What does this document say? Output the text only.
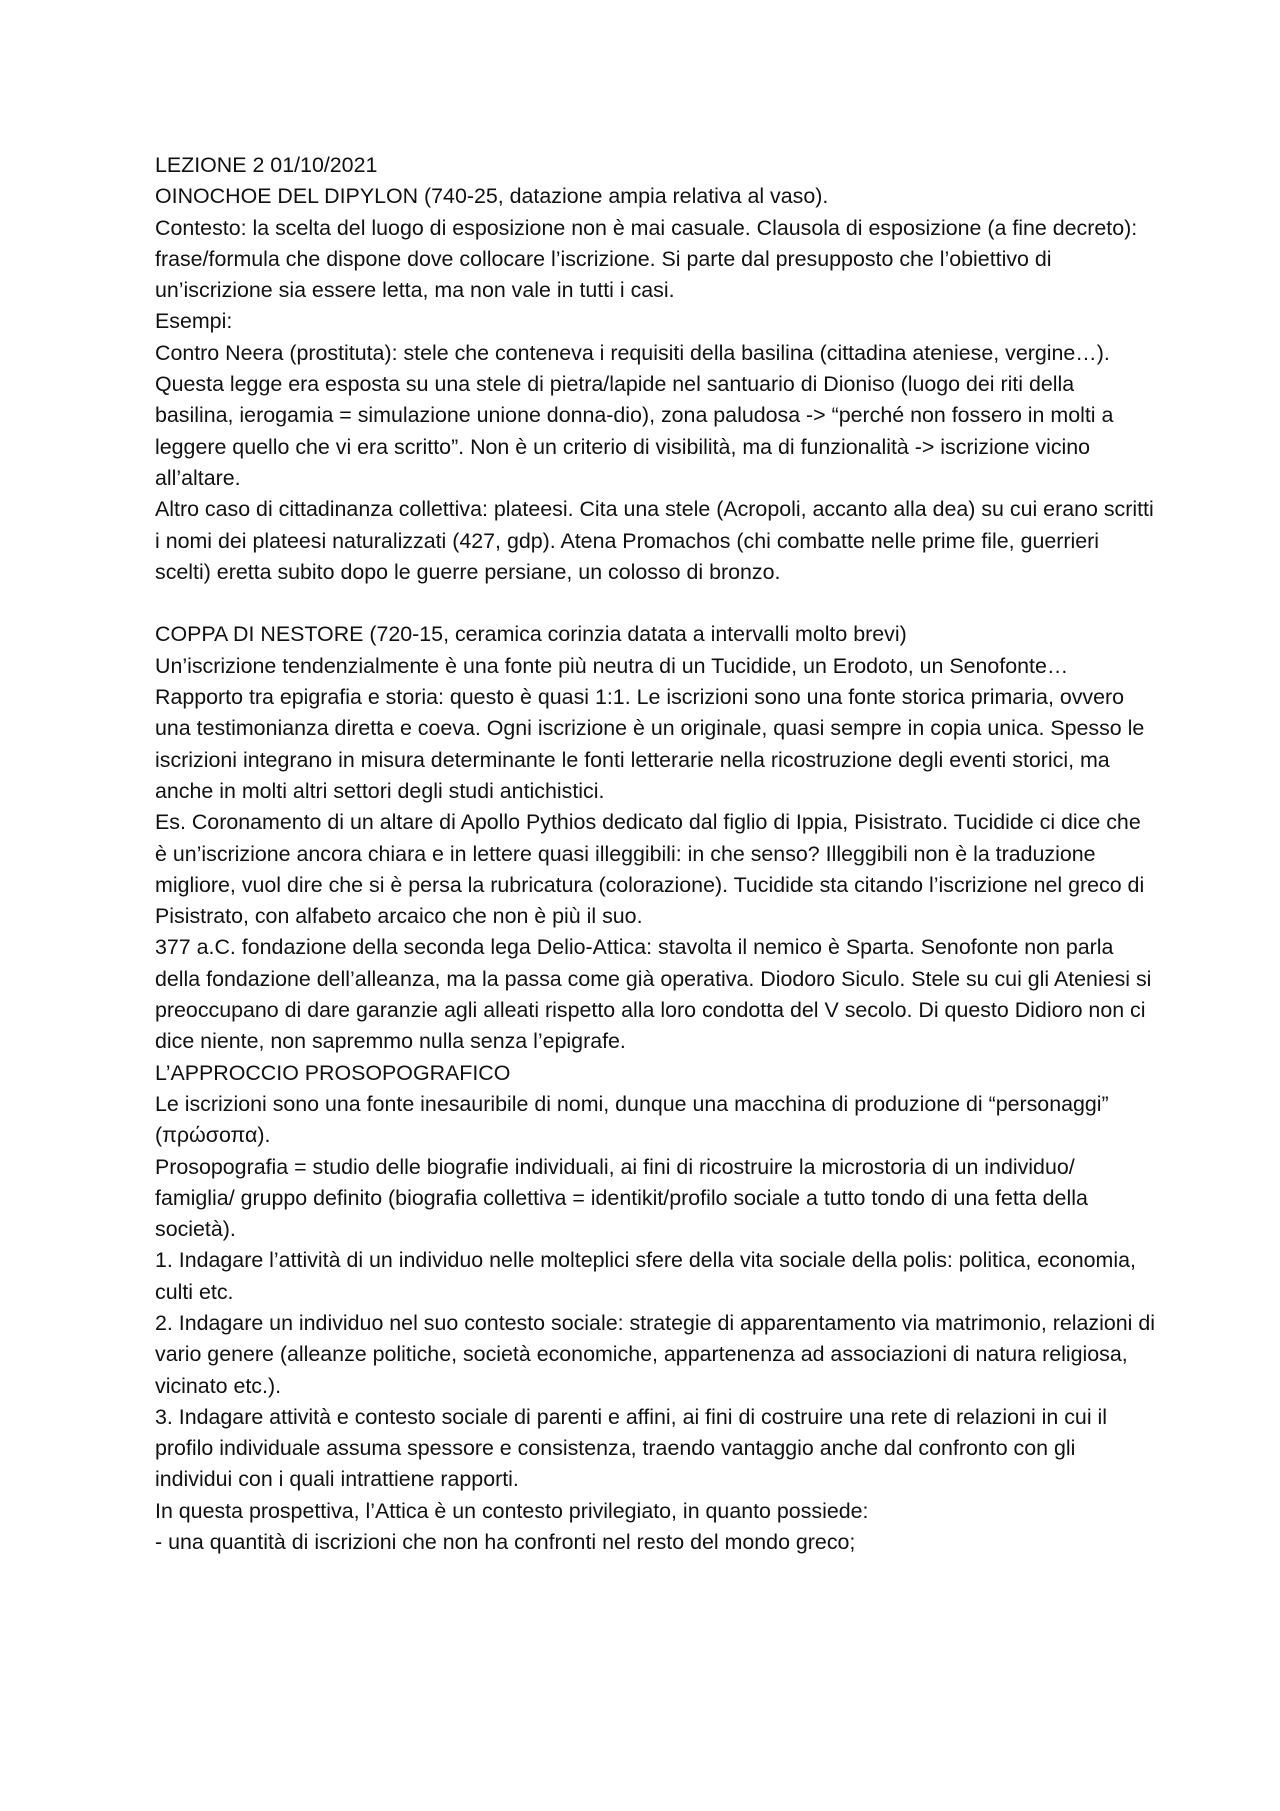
LEZIONE 2 01/10/2021

OINOCHOE DEL DIPYLON (740-25, datazione ampia relativa al vaso).

Contesto: la scelta del luogo di esposizione non è mai casuale. Clausola di esposizione (a fine decreto): frase/formula che dispone dove collocare l’iscrizione. Si parte dal presupposto che l’obiettivo di un’iscrizione sia essere letta, ma non vale in tutti i casi.

Esempi:

Contro Neera (prostituta): stele che conteneva i requisiti della basilina (cittadina ateniese, vergine…). Questa legge era esposta su una stele di pietra/lapide nel santuario di Dioniso (luogo dei riti della basilina, ierogamia = simulazione unione donna-dio), zona paludosa -> “perché non fossero in molti a leggere quello che vi era scritto”. Non è un criterio di visibilità, ma di funzionalità -> iscrizione vicino all’altare.

Altro caso di cittadinanza collettiva: plateesi. Cita una stele (Acropoli, accanto alla dea) su cui erano scritti i nomi dei plateesi naturalizzati (427, gdp). Atena Promachos (chi combatte nelle prime file, guerrieri scelti) eretta subito dopo le guerre persiane, un colosso di bronzo.

COPPA DI NESTORE (720-15, ceramica corinzia datata a intervalli molto brevi)

Un’iscrizione tendenzialmente è una fonte più neutra di un Tucidide, un Erodoto, un Senofonte…

Rapporto tra epigrafia e storia: questo è quasi 1:1. Le iscrizioni sono una fonte storica primaria, ovvero una testimonianza diretta e coeva. Ogni iscrizione è un originale, quasi sempre in copia unica. Spesso le iscrizioni integrano in misura determinante le fonti letterarie nella ricostruzione degli eventi storici, ma anche in molti altri settori degli studi antichistici.

Es. Coronamento di un altare di Apollo Pythios dedicato dal figlio di Ippia, Pisistrato. Tucidide ci dice che è un’iscrizione ancora chiara e in lettere quasi illeggibili: in che senso? Illeggibili non è la traduzione migliore, vuol dire che si è persa la rubricatura (colorazione). Tucidide sta citando l’iscrizione nel greco di Pisistrato, con alfabeto arcaico che non è più il suo.

377 a.C. fondazione della seconda lega Delio-Attica: stavolta il nemico è Sparta. Senofonte non parla della fondazione dell’alleanza, ma la passa come già operativa. Diodoro Siculo. Stele su cui gli Ateniesi si preoccupano di dare garanzie agli alleati rispetto alla loro condotta del V secolo. Di questo Didioro non ci dice niente, non sapremmo nulla senza l’epigrafe.

L’APPROCCIO PROSOPOGRAFICO

Le iscrizioni sono una fonte inesauribile di nomi, dunque una macchina di produzione di “personaggi” (πρώσοπα).

Prosopografia = studio delle biografie individuali, ai fini di ricostruire la microstoria di un individuo/ famiglia/ gruppo definito (biografia collettiva = identikit/profilo sociale a tutto tondo di una fetta della società).

1. Indagare l’attività di un individuo nelle molteplici sfere della vita sociale della polis: politica, economia, culti etc.

2. Indagare un individuo nel suo contesto sociale: strategie di apparentamento via matrimonio, relazioni di vario genere (alleanze politiche, società economiche, appartenenza ad associazioni di natura religiosa, vicinato etc.).

3. Indagare attività e contesto sociale di parenti e affini, ai fini di costruire una rete di relazioni in cui il profilo individuale assuma spessore e consistenza, traendo vantaggio anche dal confronto con gli individui con i quali intrattiene rapporti.

In questa prospettiva, l’Attica è un contesto privilegiato, in quanto possiede:

- una quantità di iscrizioni che non ha confronti nel resto del mondo greco;
